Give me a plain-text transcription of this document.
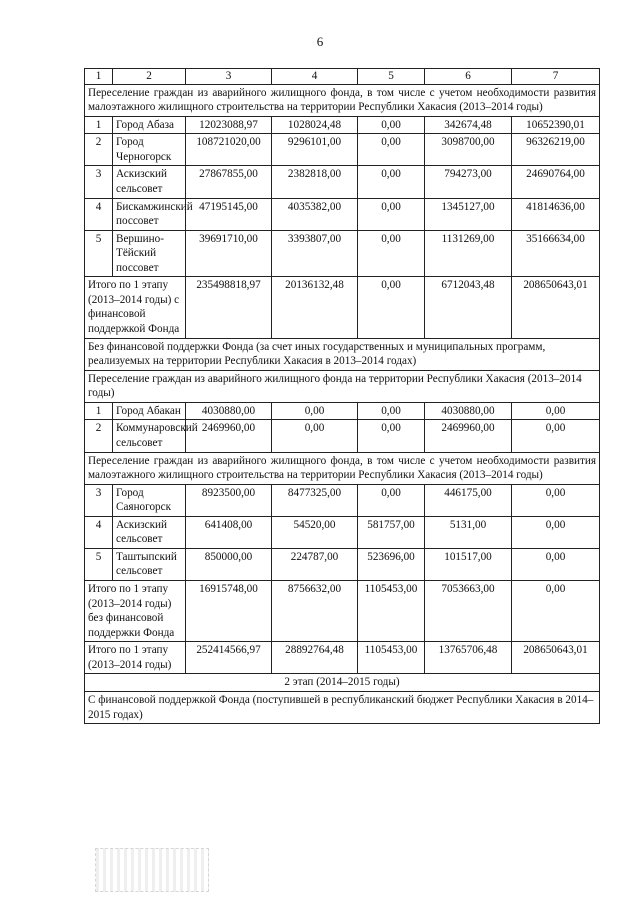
6
1	2	3	4	5	6	7
Переселение граждан из аварийного жилищного фонда, в том числе с учетом необходимости развития малоэтажного жилищного строительства на территории Республики Хакасия (2013–2014 годы)						
1	Город Абаза	12023088,97	1028024,48	0,00	342674,48	10652390,01
2	Город Черногорск	108721020,00	9296101,00	0,00	3098700,00	96326219,00
3	Аскизский сельсовет	27867855,00	2382818,00	0,00	794273,00	24690764,00
4	Бискамжинский поссовет	47195145,00	4035382,00	0,00	1345127,00	41814636,00
5	Вершино-Тёйский поссовет	39691710,00	3393807,00	0,00	1131269,00	35166634,00
Итого по 1 этапу (2013–2014 годы) с финансовой поддержкой Фонда		235498818,97	20136132,48	0,00	6712043,48	208650643,01
Без финансовой поддержки Фонда (за счет иных государственных и муниципальных программ, реализуемых на территории Республики Хакасия в 2013–2014 годах)						
Переселение граждан из аварийного жилищного фонда на территории Республики Хакасия (2013–2014 годы)						
1	Город Абакан	4030880,00	0,00	0,00	4030880,00	0,00
2	Коммунаровский сельсовет	2469960,00	0,00	0,00	2469960,00	0,00
Переселение граждан из аварийного жилищного фонда, в том числе с учетом необходимости развития малоэтажного жилищного строительства на территории Республики Хакасия (2013–2014 годы)						
3	Город Саяногорск	8923500,00	8477325,00	0,00	446175,00	0,00
4	Аскизский сельсовет	641408,00	54520,00	581757,00	5131,00	0,00
5	Таштыпский сельсовет	850000,00	224787,00	523696,00	101517,00	0,00
Итого по 1 этапу (2013–2014 годы) без финансовой поддержки Фонда		16915748,00	8756632,00	1105453,00	7053663,00	0,00
Итого по 1 этапу (2013–2014 годы)		252414566,97	28892764,48	1105453,00	13765706,48	208650643,01
2 этап (2014–2015 годы)						
С финансовой поддержкой Фонда (поступившей в республиканский бюджет Республики Хакасия в 2014–2015 годах)						
